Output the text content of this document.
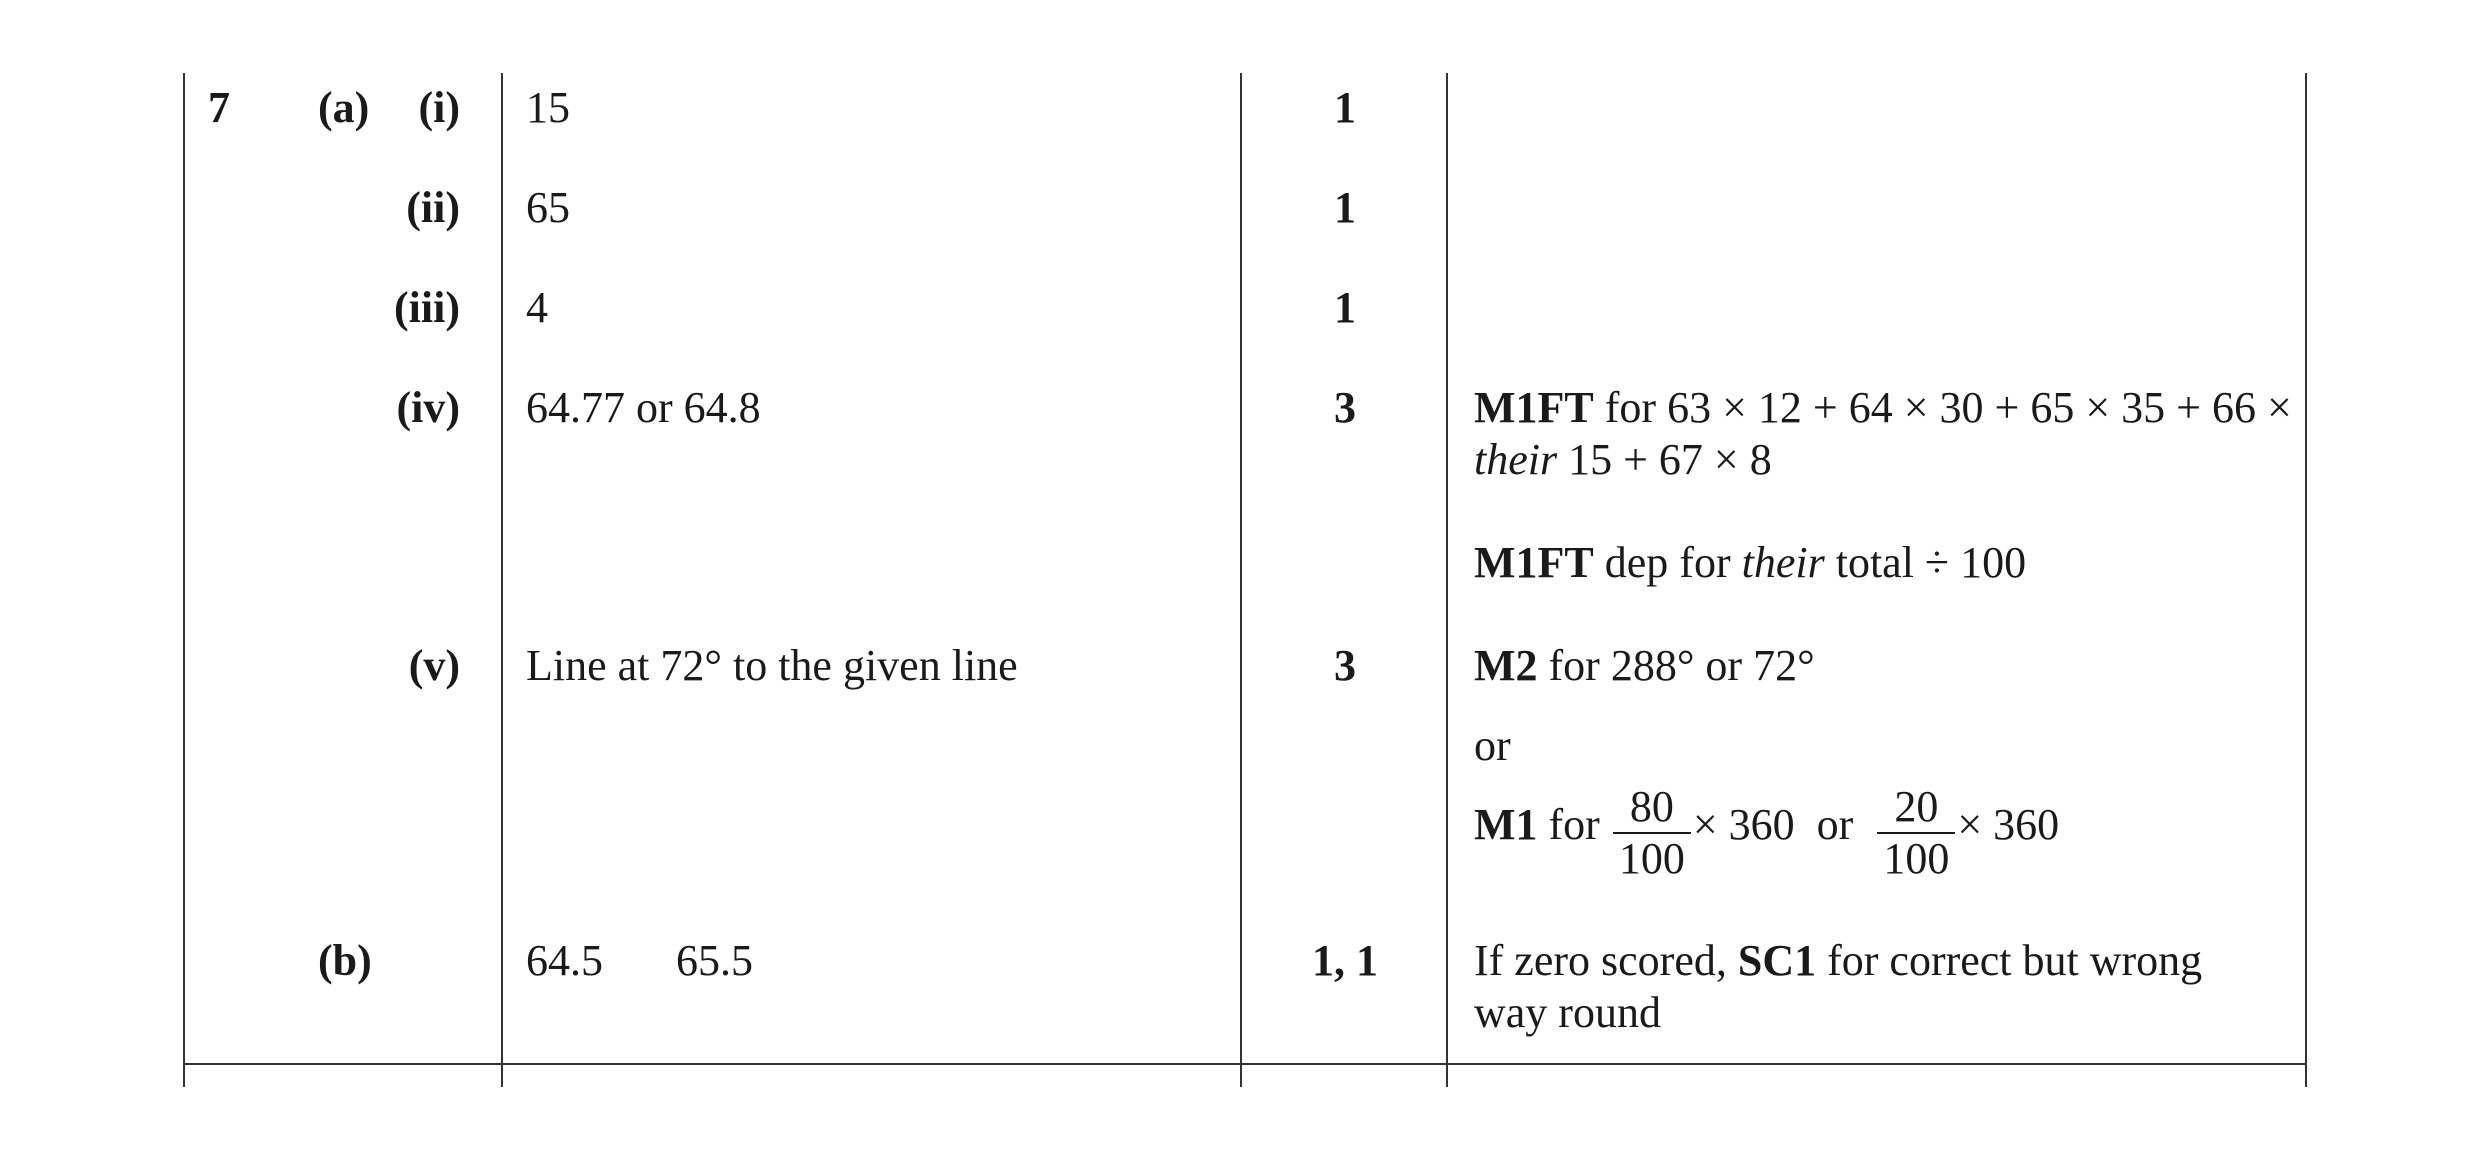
7 (a)	(i)
(ii)
(iii)
(iv)
(v)
(b)
15
65
4
64.77 or 64.8
Line at 72° to the given line
64.5 65.5
1
1
1
3
3
1, 1
M1FT for 63 × 12 + 64 × 30 + 65 × 35 + 66 × their 15 + 67 × 8
M1FT dep for their total ÷ 100
M2 for 288° or 72°
or
M1 for $\frac{80}{100} \times 360$ or $\frac{20}{100} \times 360$
If zero scored, SC1 for correct but wrong way round
